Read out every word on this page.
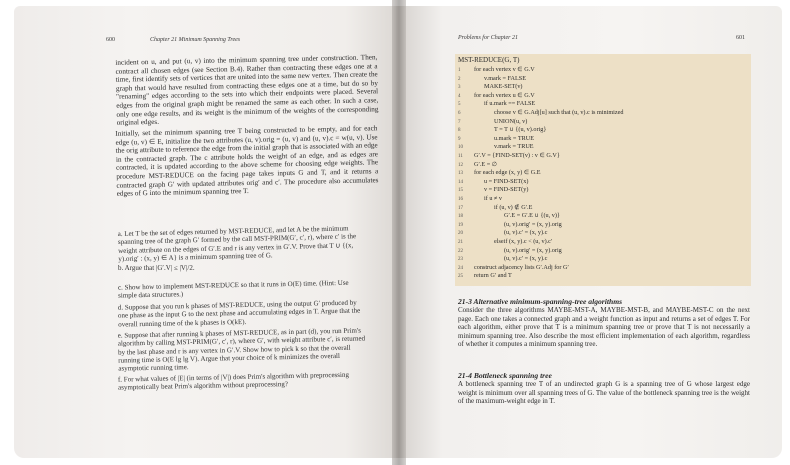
600	Chapter 21 Minimum Spanning Trees
incident on u, and put (u, v) into the minimum spanning tree under construction. Then, contract all chosen edges (see Section B.4). Rather than contracting these edges one at a time, first identify sets of vertices that are united into the same new vertex. Then create the graph that would have resulted from contracting these edges one at a time, but do so by "renaming" edges according to the sets into which their endpoints were placed. Several edges from the original graph might be renamed the same as each other. In such a case, only one edge results, and its weight is the minimum of the weights of the corresponding original edges.
Initially, set the minimum spanning tree T being constructed to be empty, and for each edge (u, v) ∈ E, initialize the two attributes (u, v).orig = (u, v) and (u, v).c = w(u, v). Use the orig attribute to reference the edge from the initial graph that is associated with an edge in the contracted graph. The c attribute holds the weight of an edge, and as edges are contracted, it is updated according to the above scheme for choosing edge weights. The procedure MST-REDUCE on the facing page takes inputs G and T, and it returns a contracted graph G′ with updated attributes orig′ and c′. The procedure also accumulates edges of G into the minimum spanning tree T.
a. Let T be the set of edges returned by MST-REDUCE, and let A be the minimum spanning tree of the graph G′ formed by the call MST-PRIM(G′, c′, r), where c′ is the weight attribute on the edges of G′.E and r is any vertex in G′.V. Prove that T ∪ {(x, y).orig′ : (x, y) ∈ A} is a minimum spanning tree of G.
b. Argue that |G′.V| ≤ |V|/2.
c. Show how to implement MST-REDUCE so that it runs in O(E) time. (Hint: Use simple data structures.)
d. Suppose that you run k phases of MST-REDUCE, using the output G′ produced by one phase as the input G to the next phase and accumulating edges in T. Argue that the overall running time of the k phases is O(kE).
e. Suppose that after running k phases of MST-REDUCE, as in part (d), you run Prim's algorithm by calling MST-PRIM(G′, c′, r), where G′, with weight attribute c′, is returned by the last phase and r is any vertex in G′.V. Show how to pick k so that the overall running time is O(E lg lg V). Argue that your choice of k minimizes the overall asymptotic running time.
f. For what values of |E| (in terms of |V|) does Prim's algorithm with preprocessing asymptotically beat Prim's algorithm without preprocessing?
Problems for Chapter 21	601
MST-REDUCE(G, T)
1 for each vertex v ∈ G.V
2	v.mark = FALSE
3	MAKE-SET(v)
4 for each vertex u ∈ G.V
5	if u.mark == FALSE
6	choose v ∈ G.Adj[u] such that (u, v).c is minimized
7	UNION(u, v)
8	T = T ∪ {(u, v).orig}
9	u.mark = TRUE
10	v.mark = TRUE
11 G′.V = {FIND-SET(v) : v ∈ G.V}
12 G′.E = ∅
13 for each edge (x, y) ∈ G.E
14	u = FIND-SET(x)
15	v = FIND-SET(y)
16	if u ≠ v
17	if (u, v) ∉ G′.E
18	G′.E = G′.E ∪ {(u, v)}
19	(u, v).orig′ = (x, y).orig
20	(u, v).c′ = (x, y).c
21	elseif (x, y).c < (u, v).c′
22	(u, v).orig′ = (x, y).orig
23	(u, v).c′ = (x, y).c
24 construct adjacency lists G′.Adj for G′
25 return G′ and T
21-3 Alternative minimum-spanning-tree algorithms
Consider the three algorithms MAYBE-MST-A, MAYBE-MST-B, and MAYBE-MST-C on the next page. Each one takes a connected graph and a weight function as input and returns a set of edges T. For each algorithm, either prove that T is a minimum spanning tree or prove that T is not necessarily a minimum spanning tree. Also describe the most efficient implementation of each algorithm, regardless of whether it computes a minimum spanning tree.
21-4 Bottleneck spanning tree
A bottleneck spanning tree T of an undirected graph G is a spanning tree of G whose largest edge weight is minimum over all spanning trees of G. The value of the bottleneck spanning tree is the weight of the maximum-weight edge in T.
